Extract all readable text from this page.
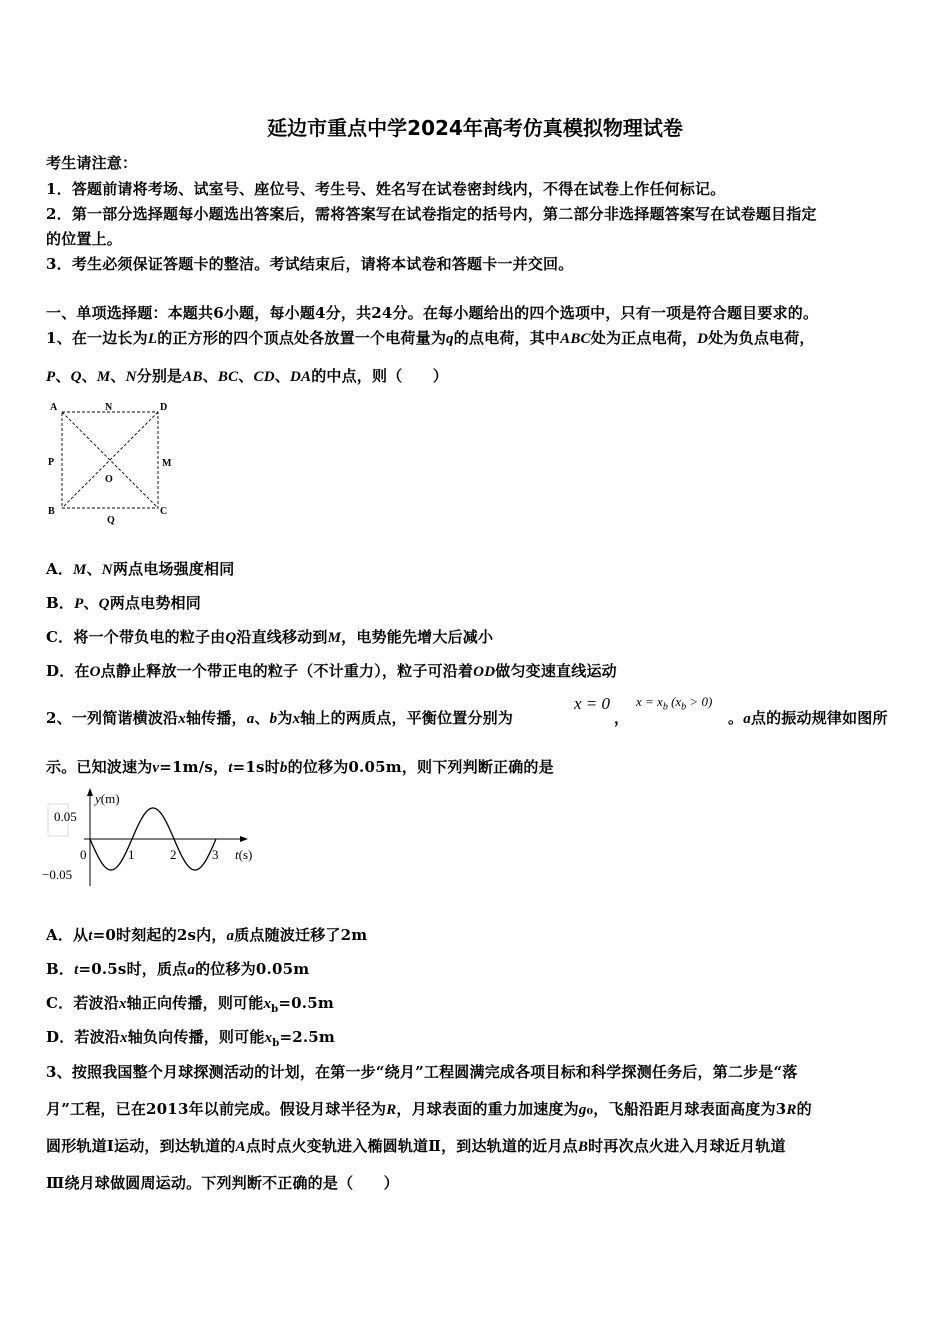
延边市重点中学2024年高考仿真模拟物理试卷
考生请注意：
1．答题前请将考场、试室号、座位号、考生号、姓名写在试卷密封线内，不得在试卷上作任何标记。
2．第一部分选择题每小题选出答案后，需将答案写在试卷指定的括号内，第二部分非选择题答案写在试卷题目指定
的位置上。
3．考生必须保证答题卡的整洁。考试结束后，请将本试卷和答题卡一并交回。
一、单项选择题：本题共6小题，每小题4分，共24分。在每小题给出的四个选项中，只有一项是符合题目要求的。
1、在一边长为L的正方形的四个顶点处各放置一个电荷量为q的点电荷，其中ABC处为正点电荷，D处为负点电荷，
P、Q、M、N分别是AB、BC、CD、DA的中点，则（　　）
A	N	D
P	M
O
B
Q
C
A．M、N两点电场强度相同
B．P、Q两点电势相同
C．将一个带负电的粒子由Q沿直线移动到M，电势能先增大后减小
D．在O点静止释放一个带正电的粒子（不计重力），粒子可沿着OD做匀变速直线运动
2、一列简谐横波沿x轴传播，a、b为x轴上的两质点，平衡位置分别为
x = 0
，
$x = x_b$ $(x_b > 0)$
。a点的振动规律如图所
示。已知波速为v=1m/s，t=1s时b的位移为0.05m，则下列判断正确的是
y(m)
t(s)
0.05
−0.05
0	1	2	3
A．从t=0时刻起的2s内，a质点随波迁移了2m
B．t=0.5s时，质点a的位移为0.05m
C．若波沿x轴正向传播，则可能$x_b=0.5m$
D．若波沿x轴负向传播，则可能$x_b=2.5m$
3、按照我国整个月球探测活动的计划，在第一步“绕月”工程圆满完成各项目标和科学探测任务后，第二步是“落
月”工程，已在2013年以前完成。假设月球半径为R，月球表面的重力加速度为g₀，飞船沿距月球表面高度为3R的
圆形轨道Ⅰ运动，到达轨道的A点时点火变轨进入椭圆轨道Ⅱ，到达轨道的近月点B时再次点火进入月球近月轨道
Ⅲ绕月球做圆周运动。下列判断不正确的是（　　）
